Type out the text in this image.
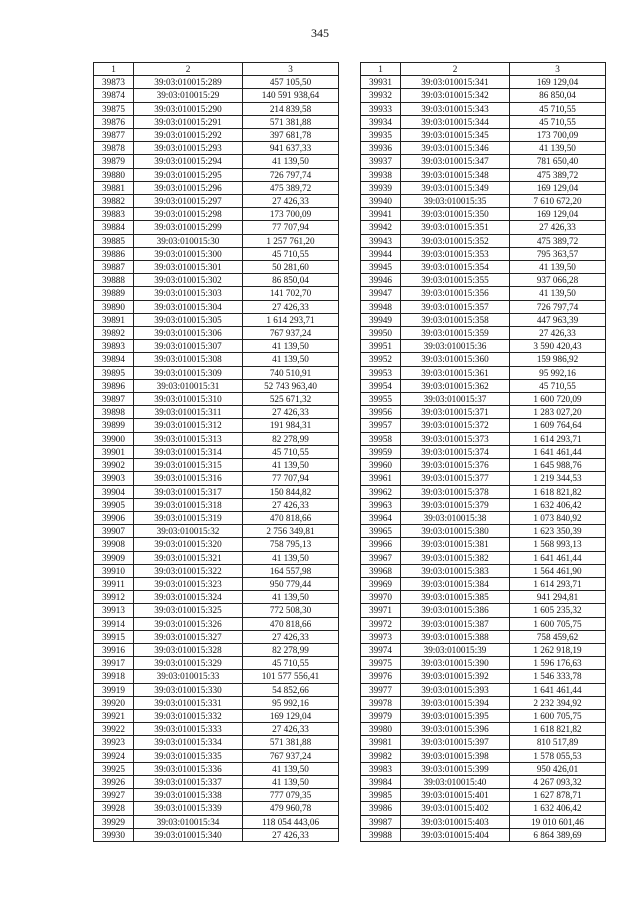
345
1	2	3
39873	39:03:010015:289	457 105,50
39874	39:03:010015:29	140 591 938,64
39875	39:03:010015:290	214 839,58
39876	39:03:010015:291	571 381,88
39877	39:03:010015:292	397 681,78
39878	39:03:010015:293	941 637,33
39879	39:03:010015:294	41 139,50
39880	39:03:010015:295	726 797,74
39881	39:03:010015:296	475 389,72
39882	39:03:010015:297	27 426,33
39883	39:03:010015:298	173 700,09
39884	39:03:010015:299	77 707,94
39885	39:03:010015:30	1 257 761,20
39886	39:03:010015:300	45 710,55
39887	39:03:010015:301	50 281,60
39888	39:03:010015:302	86 850,04
39889	39:03:010015:303	141 702,70
39890	39:03:010015:304	27 426,33
39891	39:03:010015:305	1 614 293,71
39892	39:03:010015:306	767 937,24
39893	39:03:010015:307	41 139,50
39894	39:03:010015:308	41 139,50
39895	39:03:010015:309	740 510,91
39896	39:03:010015:31	52 743 963,40
39897	39:03:010015:310	525 671,32
39898	39:03:010015:311	27 426,33
39899	39:03:010015:312	191 984,31
39900	39:03:010015:313	82 278,99
39901	39:03:010015:314	45 710,55
39902	39:03:010015:315	41 139,50
39903	39:03:010015:316	77 707,94
39904	39:03:010015:317	150 844,82
39905	39:03:010015:318	27 426,33
39906	39:03:010015:319	470 818,66
39907	39:03:010015:32	2 756 349,81
39908	39:03:010015:320	758 795,13
39909	39:03:010015:321	41 139,50
39910	39:03:010015:322	164 557,98
39911	39:03:010015:323	950 779,44
39912	39:03:010015:324	41 139,50
39913	39:03:010015:325	772 508,30
39914	39:03:010015:326	470 818,66
39915	39:03:010015:327	27 426,33
39916	39:03:010015:328	82 278,99
39917	39:03:010015:329	45 710,55
39918	39:03:010015:33	101 577 556,41
39919	39:03:010015:330	54 852,66
39920	39:03:010015:331	95 992,16
39921	39:03:010015:332	169 129,04
39922	39:03:010015:333	27 426,33
39923	39:03:010015:334	571 381,88
39924	39:03:010015:335	767 937,24
39925	39:03:010015:336	41 139,50
39926	39:03:010015:337	41 139,50
39927	39:03:010015:338	777 079,35
39928	39:03:010015:339	479 960,78
39929	39:03:010015:34	118 054 443,06
39930	39:03:010015:340	27 426,33
1	2	3
39931	39:03:010015:341	169 129,04
39932	39:03:010015:342	86 850,04
39933	39:03:010015:343	45 710,55
39934	39:03:010015:344	45 710,55
39935	39:03:010015:345	173 700,09
39936	39:03:010015:346	41 139,50
39937	39:03:010015:347	781 650,40
39938	39:03:010015:348	475 389,72
39939	39:03:010015:349	169 129,04
39940	39:03:010015:35	7 610 672,20
39941	39:03:010015:350	169 129,04
39942	39:03:010015:351	27 426,33
39943	39:03:010015:352	475 389,72
39944	39:03:010015:353	795 363,57
39945	39:03:010015:354	41 139,50
39946	39:03:010015:355	937 066,28
39947	39:03:010015:356	41 139,50
39948	39:03:010015:357	726 797,74
39949	39:03:010015:358	447 963,39
39950	39:03:010015:359	27 426,33
39951	39:03:010015:36	3 590 420,43
39952	39:03:010015:360	159 986,92
39953	39:03:010015:361	95 992,16
39954	39:03:010015:362	45 710,55
39955	39:03:010015:37	1 600 720,09
39956	39:03:010015:371	1 283 027,20
39957	39:03:010015:372	1 609 764,64
39958	39:03:010015:373	1 614 293,71
39959	39:03:010015:374	1 641 461,44
39960	39:03:010015:376	1 645 988,76
39961	39:03:010015:377	1 219 344,53
39962	39:03:010015:378	1 618 821,82
39963	39:03:010015:379	1 632 406,42
39964	39:03:010015:38	1 073 840,92
39965	39:03:010015:380	1 623 350,39
39966	39:03:010015:381	1 568 993,13
39967	39:03:010015:382	1 641 461,44
39968	39:03:010015:383	1 564 461,90
39969	39:03:010015:384	1 614 293,71
39970	39:03:010015:385	941 294,81
39971	39:03:010015:386	1 605 235,32
39972	39:03:010015:387	1 600 705,75
39973	39:03:010015:388	758 459,62
39974	39:03:010015:39	1 262 918,19
39975	39:03:010015:390	1 596 176,63
39976	39:03:010015:392	1 546 333,78
39977	39:03:010015:393	1 641 461,44
39978	39:03:010015:394	2 232 394,92
39979	39:03:010015:395	1 600 705,75
39980	39:03:010015:396	1 618 821,82
39981	39:03:010015:397	810 517,89
39982	39:03:010015:398	1 578 055,53
39983	39:03:010015:399	950 426,01
39984	39:03:010015:40	4 267 093,32
39985	39:03:010015:401	1 627 878,71
39986	39:03:010015:402	1 632 406,42
39987	39:03:010015:403	19 010 601,46
39988	39:03:010015:404	6 864 389,69
